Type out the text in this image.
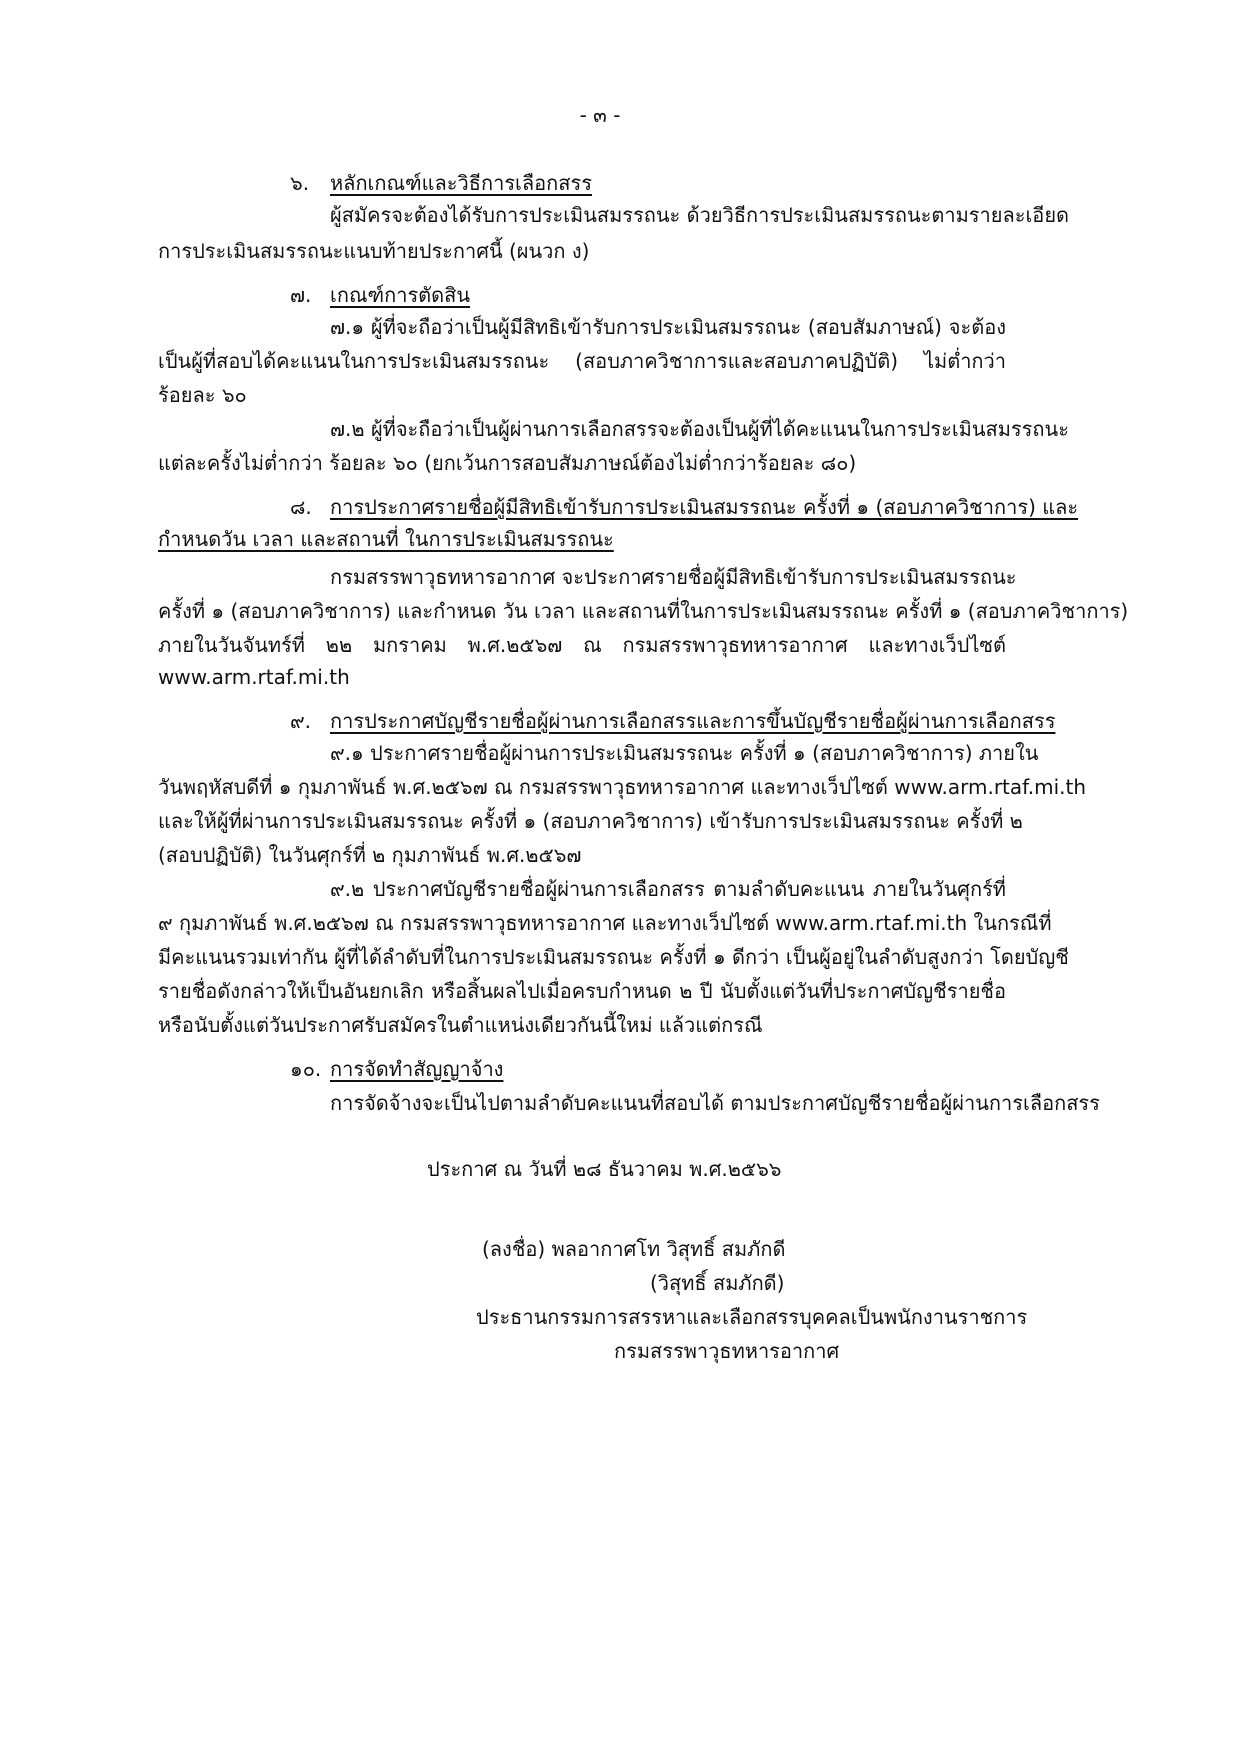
- ๓ -

๖. หลักเกณฑ์และวิธีการเลือกสรร

ผู้สมัครจะต้องได้รับการประเมินสมรรถนะ ด้วยวิธีการประเมินสมรรถนะตามรายละเอียด

การประเมินสมรรถนะแนบท้ายประกาศนี้ (ผนวก ง)

๗. เกณฑ์การตัดสิน

๗.๑ ผู้ที่จะถือว่าเป็นผู้มีสิทธิเข้ารับการประเมินสมรรถนะ (สอบสัมภาษณ์) จะต้อง

เป็นผู้ที่สอบได้คะแนนในการประเมินสมรรถนะ (สอบภาควิชาการและสอบภาคปฏิบัติ) ไม่ต่ำกว่า

ร้อยละ ๖๐

๗.๒ ผู้ที่จะถือว่าเป็นผู้ผ่านการเลือกสรรจะต้องเป็นผู้ที่ได้คะแนนในการประเมินสมรรถนะ

แต่ละครั้งไม่ต่ำกว่า ร้อยละ ๖๐ (ยกเว้นการสอบสัมภาษณ์ต้องไม่ต่ำกว่าร้อยละ ๘๐)

๘. การประกาศรายชื่อผู้มีสิทธิเข้ารับการประเมินสมรรถนะ ครั้งที่ ๑ (สอบภาควิชาการ) และ

กำหนดวัน เวลา และสถานที่ ในการประเมินสมรรถนะ

กรมสรรพาวุธทหารอากาศ จะประกาศรายชื่อผู้มีสิทธิเข้ารับการประเมินสมรรถนะ

ครั้งที่ ๑ (สอบภาควิชาการ) และกำหนด วัน เวลา และสถานที่ในการประเมินสมรรถนะ ครั้งที่ ๑ (สอบภาควิชาการ)

ภายในวันจันทร์ที่ ๒๒ มกราคม พ.ศ.๒๕๖๗ ณ กรมสรรพาวุธทหารอากาศ และทางเว็ปไซต์

www.arm.rtaf.mi.th

๙. การประกาศบัญชีรายชื่อผู้ผ่านการเลือกสรรและการขึ้นบัญชีรายชื่อผู้ผ่านการเลือกสรร

๙.๑ ประกาศรายชื่อผู้ผ่านการประเมินสมรรถนะ ครั้งที่ ๑ (สอบภาควิชาการ) ภายใน

วันพฤหัสบดีที่ ๑ กุมภาพันธ์ พ.ศ.๒๕๖๗ ณ กรมสรรพาวุธทหารอากาศ และทางเว็ปไซต์ www.arm.rtaf.mi.th

และให้ผู้ที่ผ่านการประเมินสมรรถนะ ครั้งที่ ๑ (สอบภาควิชาการ) เข้ารับการประเมินสมรรถนะ ครั้งที่ ๒

(สอบปฏิบัติ) ในวันศุกร์ที่ ๒ กุมภาพันธ์ พ.ศ.๒๕๖๗

๙.๒ ประกาศบัญชีรายชื่อผู้ผ่านการเลือกสรร ตามลำดับคะแนน ภายในวันศุกร์ที่

๙ กุมภาพันธ์ พ.ศ.๒๕๖๗ ณ กรมสรรพาวุธทหารอากาศ และทางเว็ปไซต์ www.arm.rtaf.mi.th ในกรณีที่

มีคะแนนรวมเท่ากัน ผู้ที่ได้ลำดับที่ในการประเมินสมรรถนะ ครั้งที่ ๑ ดีกว่า เป็นผู้อยู่ในลำดับสูงกว่า โดยบัญชี

รายชื่อดังกล่าวให้เป็นอันยกเลิก หรือสิ้นผลไปเมื่อครบกำหนด ๒ ปี นับตั้งแต่วันที่ประกาศบัญชีรายชื่อ

หรือนับตั้งแต่วันประกาศรับสมัครในตำแหน่งเดียวกันนี้ใหม่ แล้วแต่กรณี

๑๐. การจัดทำสัญญาจ้าง

การจัดจ้างจะเป็นไปตามลำดับคะแนนที่สอบได้ ตามประกาศบัญชีรายชื่อผู้ผ่านการเลือกสรร

ประกาศ ณ วันที่ ๒๘ ธันวาคม พ.ศ.๒๕๖๖

(ลงชื่อ) พลอากาศโท วิสุทธิ์ สมภักดี

(วิสุทธิ์ สมภักดี)

ประธานกรรมการสรรหาและเลือกสรรบุคคลเป็นพนักงานราชการ

กรมสรรพาวุธทหารอากาศ
